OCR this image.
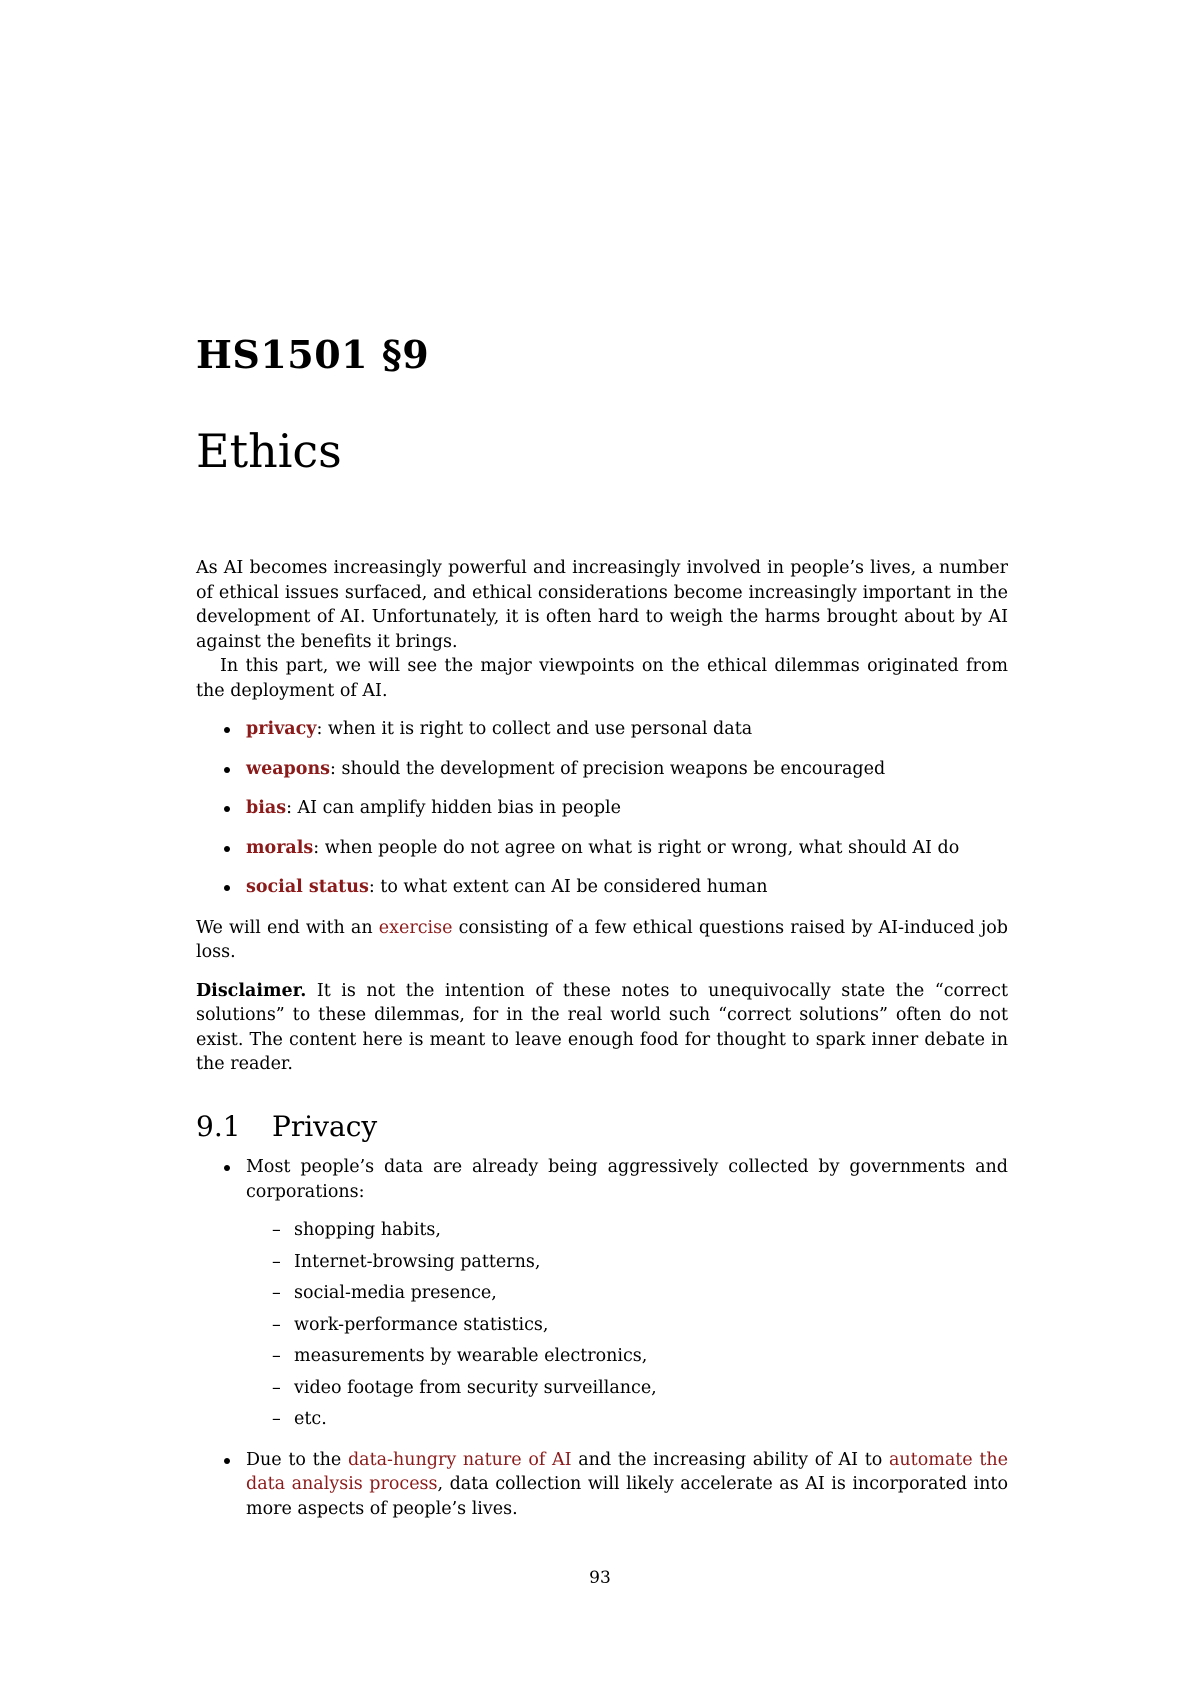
HS1501 §9
Ethics

As AI becomes increasingly powerful and increasingly involved in people’s lives, a number of ethical issues surfaced, and ethical considerations become increasingly important in the development of AI. Unfortunately, it is often hard to weigh the harms brought about by AI against the benefits it brings.

In this part, we will see the major viewpoints on the ethical dilemmas originated from the deployment of AI.

privacy: when it is right to collect and use personal data
weapons: should the development of precision weapons be encouraged
bias: AI can amplify hidden bias in people
morals: when people do not agree on what is right or wrong, what should AI do
social status: to what extent can AI be considered human

We will end with an exercise consisting of a few ethical questions raised by AI-induced job loss.

Disclaimer. It is not the intention of these notes to unequivocally state the “correct solutions” to these dilemmas, for in the real world such “correct solutions” often do not exist. The content here is meant to leave enough food for thought to spark inner debate in the reader.

9.1 Privacy

Most people’s data are already being aggressively collected by governments and corporations:

– shopping habits,
– Internet-browsing patterns,
– social-media presence,
– work-performance statistics,
– measurements by wearable electronics,
– video footage from security surveillance,
– etc.

Due to the data-hungry nature of AI and the increasing ability of AI to automate the data analysis process, data collection will likely accelerate as AI is incorporated into more aspects of people’s lives.

93
